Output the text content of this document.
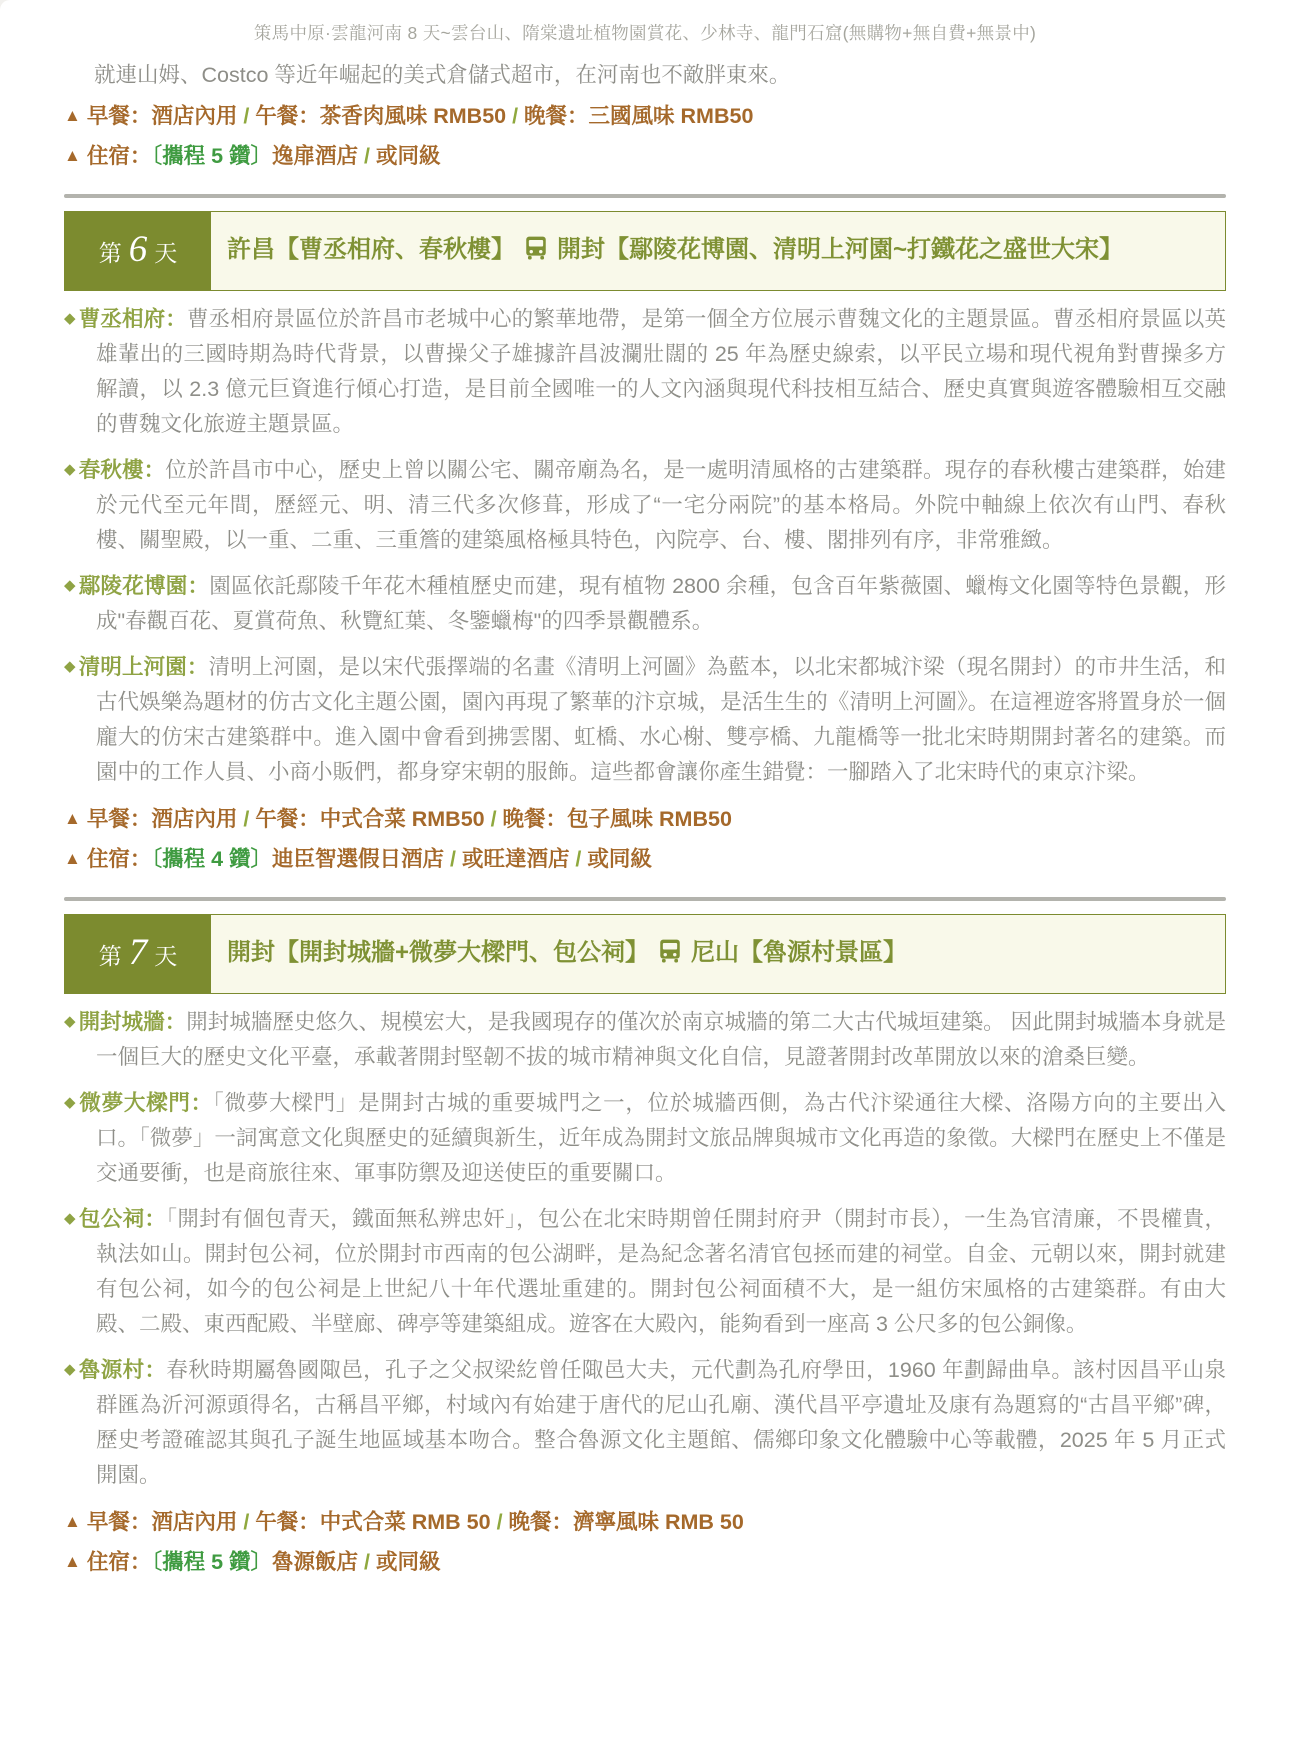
策馬中原·雲龍河南 8 天~雲台山、隋棠遺址植物園賞花、少林寺、龍門石窟(無購物+無自費+無景中)

就連山姆、Costco 等近年崛起的美式倉儲式超市，在河南也不敵胖東來。

▲ 早餐：酒店內用 / 午餐：茶香肉風味 RMB50 / 晚餐：三國風味 RMB50
▲ 住宿：〔攜程 5 鑽〕逸扉酒店 / 或同級
第 6 天 許昌【曹丞相府、春秋樓】 開封【鄢陵花博園、清明上河園~打鐵花之盛世大宋】

◆ 曹丞相府：曹丞相府景區位於許昌市老城中心的繁華地帶，是第一個全方位展示曹魏文化的主題景區。曹丞相府景區以英雄輩出的三國時期為時代背景，以曹操父子雄據許昌波瀾壯闊的 25 年為歷史線索，以平民立場和現代視角對曹操多方解讀，以 2.3 億元巨資進行傾心打造，是目前全國唯一的人文內涵與現代科技相互結合、歷史真實與遊客體驗相互交融的曹魏文化旅遊主題景區。

◆ 春秋樓：位於許昌市中心，歷史上曾以關公宅、關帝廟為名，是一處明清風格的古建築群。現存的春秋樓古建築群，始建於元代至元年間，歷經元、明、清三代多次修葺，形成了“一宅分兩院”的基本格局。外院中軸線上依次有山門、春秋樓、關聖殿，以一重、二重、三重簷的建築風格極具特色，內院亭、台、樓、閣排列有序，非常雅緻。

◆ 鄢陵花博園：園區依託鄢陵千年花木種植歷史而建，現有植物 2800 余種，包含百年紫薇園、蠟梅文化園等特色景觀，形成"春觀百花、夏賞荷魚、秋覽紅葉、冬鑒蠟梅"的四季景觀體系。

◆ 清明上河園：清明上河園，是以宋代張擇端的名畫《清明上河圖》為藍本，以北宋都城汴梁（現名開封）的市井生活，和古代娛樂為題材的仿古文化主題公園，園內再現了繁華的汴京城，是活生生的《清明上河圖》。在這裡遊客將置身於一個龐大的仿宋古建築群中。進入園中會看到拂雲閣、虹橋、水心榭、雙亭橋、九龍橋等一批北宋時期開封著名的建築。而園中的工作人員、小商小販們，都身穿宋朝的服飾。這些都會讓你產生錯覺：一腳踏入了北宋時代的東京汴梁。

▲ 早餐：酒店內用 / 午餐：中式合菜 RMB50 / 晚餐：包子風味 RMB50
▲ 住宿：〔攜程 4 鑽〕迪臣智選假日酒店 / 或旺達酒店 / 或同級
第 7 天 開封【開封城牆+微夢大樑門、包公祠】 尼山【魯源村景區】

◆ 開封城牆：開封城牆歷史悠久、規模宏大，是我國現存的僅次於南京城牆的第二大古代城垣建築。 因此開封城牆本身就是一個巨大的歷史文化平臺，承載著開封堅韌不拔的城市精神與文化自信，見證著開封改革開放以來的滄桑巨變。

◆ 微夢大樑門：「微夢大樑門」是開封古城的重要城門之一，位於城牆西側，為古代汴梁通往大樑、洛陽方向的主要出入口。「微夢」一詞寓意文化與歷史的延續與新生，近年成為開封文旅品牌與城市文化再造的象徵。大樑門在歷史上不僅是交通要衝，也是商旅往來、軍事防禦及迎送使臣的重要關口。

◆ 包公祠：「開封有個包青天，鐵面無私辨忠奸」，包公在北宋時期曾任開封府尹（開封市長），一生為官清廉，不畏權貴，執法如山。開封包公祠，位於開封市西南的包公湖畔，是為紀念著名清官包拯而建的祠堂。自金、元朝以來，開封就建有包公祠，如今的包公祠是上世紀八十年代選址重建的。開封包公祠面積不大，是一組仿宋風格的古建築群。有由大殿、二殿、東西配殿、半壁廊、碑亭等建築組成。遊客在大殿內，能夠看到一座高 3 公尺多的包公銅像。

◆ 魯源村：春秋時期屬魯國陬邑，孔子之父叔梁紇曾任陬邑大夫，元代劃為孔府學田，1960 年劃歸曲阜。該村因昌平山泉群匯為沂河源頭得名，古稱昌平鄉，村域內有始建于唐代的尼山孔廟、漢代昌平亭遺址及康有為題寫的“古昌平鄉”碑，歷史考證確認其與孔子誕生地區域基本吻合。整合魯源文化主題館、儒鄉印象文化體驗中心等載體，2025 年 5 月正式開園。

▲ 早餐：酒店內用 / 午餐：中式合菜 RMB 50 / 晚餐：濟寧風味 RMB 50
▲ 住宿：〔攜程 5 鑽〕魯源飯店 / 或同級
